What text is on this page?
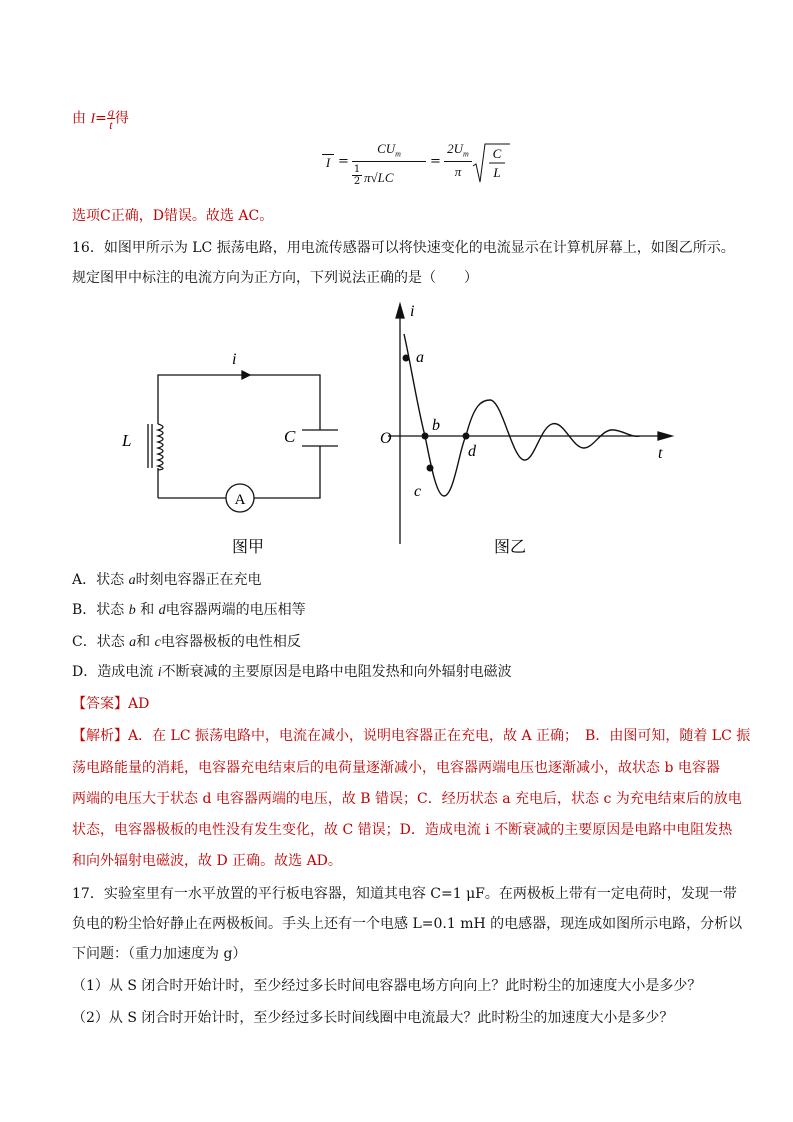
由 $I= \frac{q}{t}$ 得
I =
$CU_m$
1
2 π√LC
=
$2U_m$
π
C
L
选项C正确，D错误。故选 AC。
16．如图甲所示为 LC 振荡电路，用电流传感器可以将快速变化的电流显示在计算机屏幕上，如图乙所示。
规定图甲中标注的电流方向为正方向，下列说法正确的是（　　）
i
L	C
A
图甲
i
t
O
a
b
c
d
图乙
A．状态 a时刻电容器正在充电
B．状态 b 和 d电容器两端的电压相等
C．状态 a和 c电容器极板的电性相反
D．造成电流 i不断衰减的主要原因是电路中电阻发热和向外辐射电磁波
【答案】AD
【解析】A．在 LC 振荡电路中，电流在减小，说明电容器正在充电，故 A 正确；　B．由图可知，随着 LC 振
荡电路能量的消耗，电容器充电结束后的电荷量逐渐减小，电容器两端电压也逐渐减小，故状态 b 电容器
两端的电压大于状态 d 电容器两端的电压，故 B 错误；C．经历状态 a 充电后，状态 c 为充电结束后的放电
状态，电容器极板的电性没有发生变化，故 C 错误；D．造成电流 i 不断衰减的主要原因是电路中电阻发热
和向外辐射电磁波，故 D 正确。故选 AD。
17．实验室里有一水平放置的平行板电容器，知道其电容 C=1 μF。在两极板上带有一定电荷时，发现一带
负电的粉尘恰好静止在两极板间。手头上还有一个电感 L=0.1 mH 的电感器，现连成如图所示电路，分析以
下问题：（重力加速度为 g）
（1）从 S 闭合时开始计时，至少经过多长时间电容器电场方向向上？此时粉尘的加速度大小是多少？
（2）从 S 闭合时开始计时，至少经过多长时间线圈中电流最大？此时粉尘的加速度大小是多少？
